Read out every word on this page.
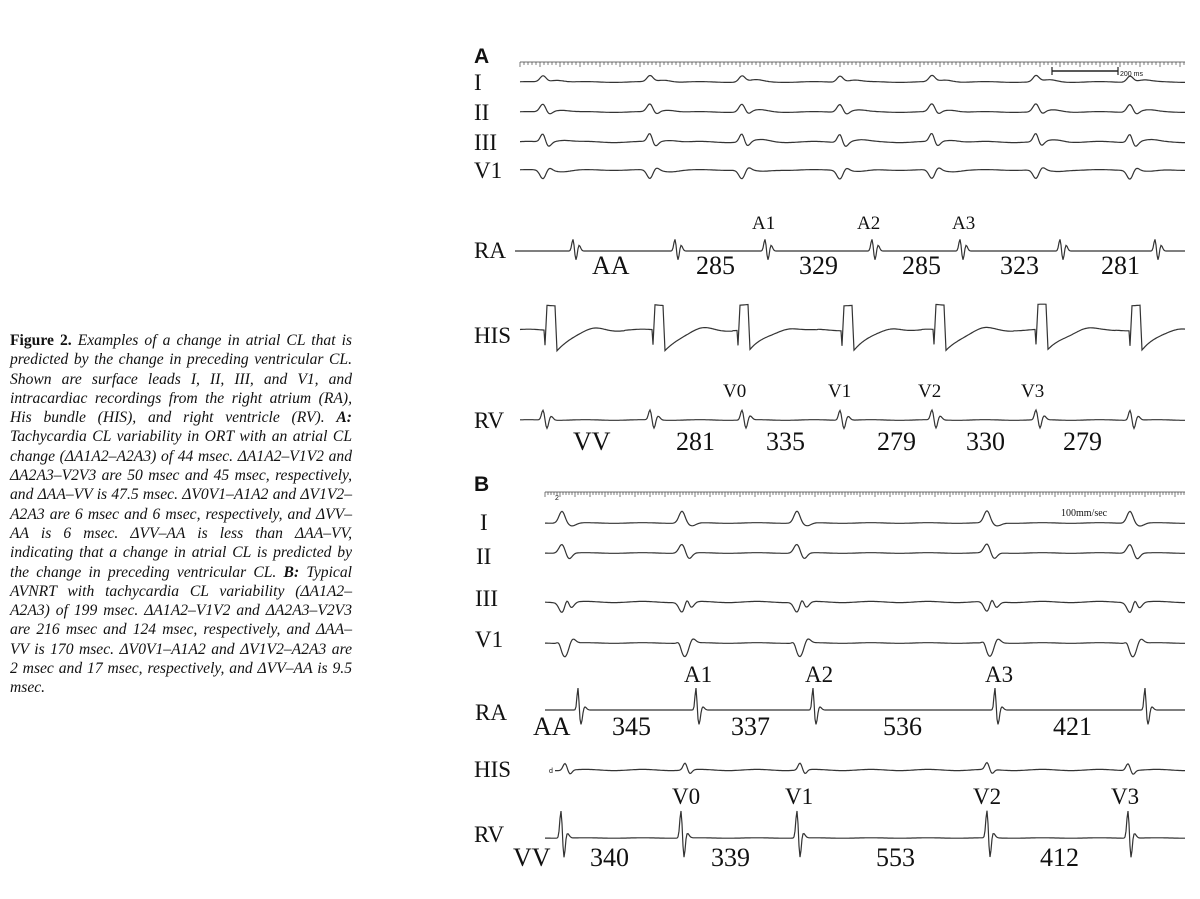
Figure 2. Examples of a change in atrial CL that is predicted by the change in preceding ventricular CL. Shown are surface leads I, II, III, and V1, and intracardiac recordings from the right atrium (RA), His bundle (HIS), and right ventricle (RV). A: Tachycardia CL variability in ORT with an atrial CL change (ΔA1A2–A2A3) of 44 msec. ΔA1A2–V1V2 and ΔA2A3–V2V3 are 50 msec and 45 msec, respectively, and ΔAA–VV is 47.5 msec. ΔV0V1–A1A2 and ΔV1V2–A2A3 are 6 msec and 6 msec, respectively, and ΔVV–AA is 6 msec. ΔVV–AA is less than ΔAA–VV, indicating that a change in atrial CL is predicted by the change in preceding ventricular CL. B: Typical AVNRT with tachycardia CL variability (ΔA1A2–A2A3) of 199 msec. ΔA1A2–V1V2 and ΔA2A3–V2V3 are 216 msec and 124 msec, respectively, and ΔAA–VV is 170 msec. ΔV0V1–A1A2 and ΔV1V2–A2A3 are 2 msec and 17 msec, respectively, and ΔVV–AA is 9.5 msec.
A
200 ms
I
II
III
V1
RA
HIS
RV
A1	A2	A3
AA	285 329 285 323 281
V0	V1	V2	V3
VV	281 335	279 330 279
B
2
100mm/sec
I
II
III
V1
RA
HIS
RV
d
A1	A2	A3
AA 345	337	536	421
V0	V1	V2	V3
VV 340	339	553	412
